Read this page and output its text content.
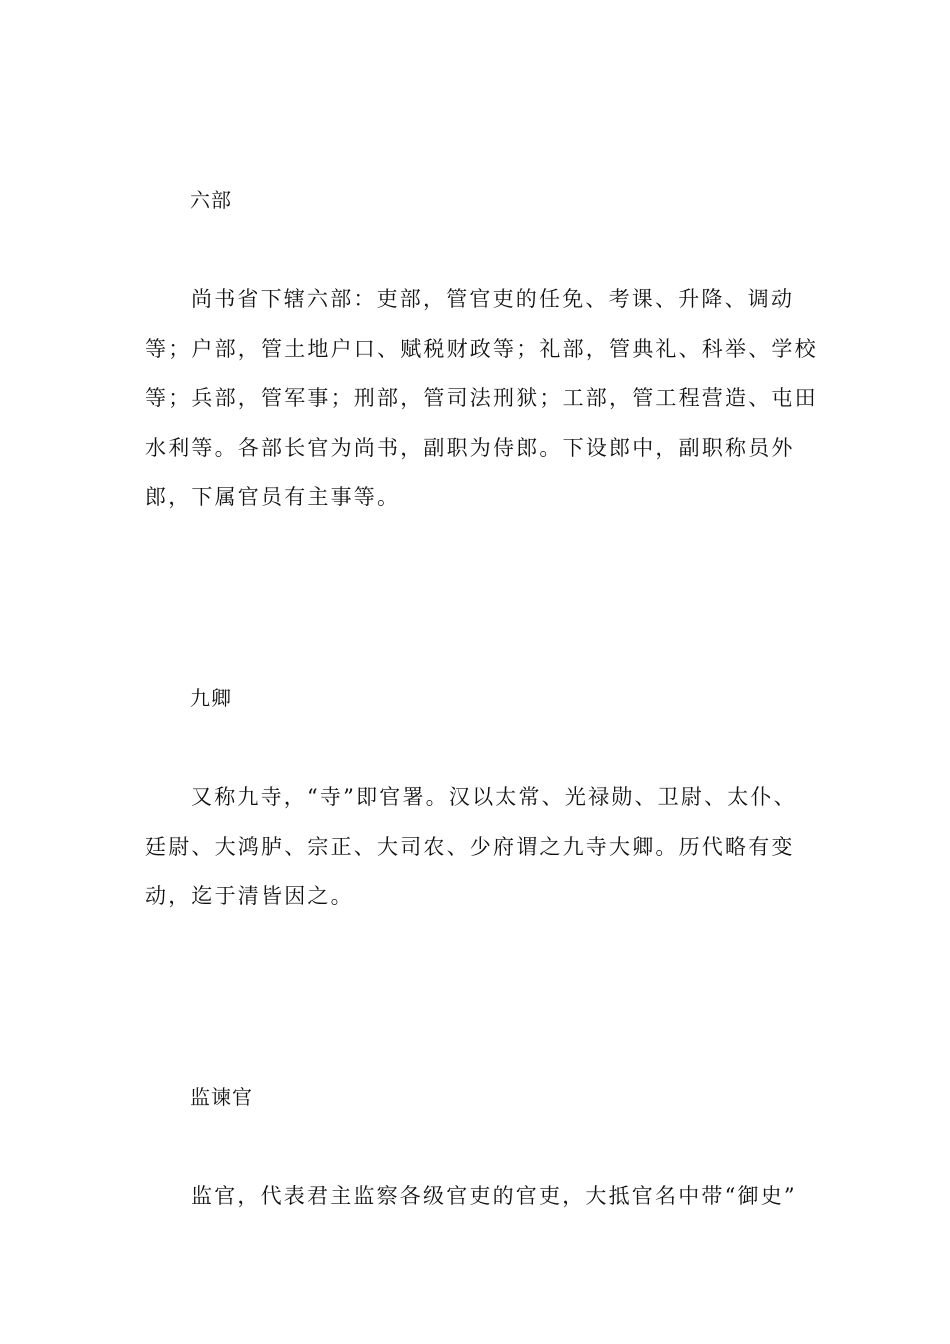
六部

尚书省下辖六部：吏部，管官吏的任免、考课、升降、调动
等；户部，管土地户口、赋税财政等；礼部，管典礼、科举、学校
等；兵部，管军事；刑部，管司法刑狱；工部，管工程营造、屯田
水利等。各部长官为尚书，副职为侍郎。下设郎中，副职称员外
郎，下属官员有主事等。

九卿

又称九寺，“寺”即官署。汉以太常、光禄勋、卫尉、太仆、
廷尉、大鸿胪、宗正、大司农、少府谓之九寺大卿。历代略有变
动，迄于清皆因之。

监谏官

监官，代表君主监察各级官吏的官吏，大抵官名中带“御史”
